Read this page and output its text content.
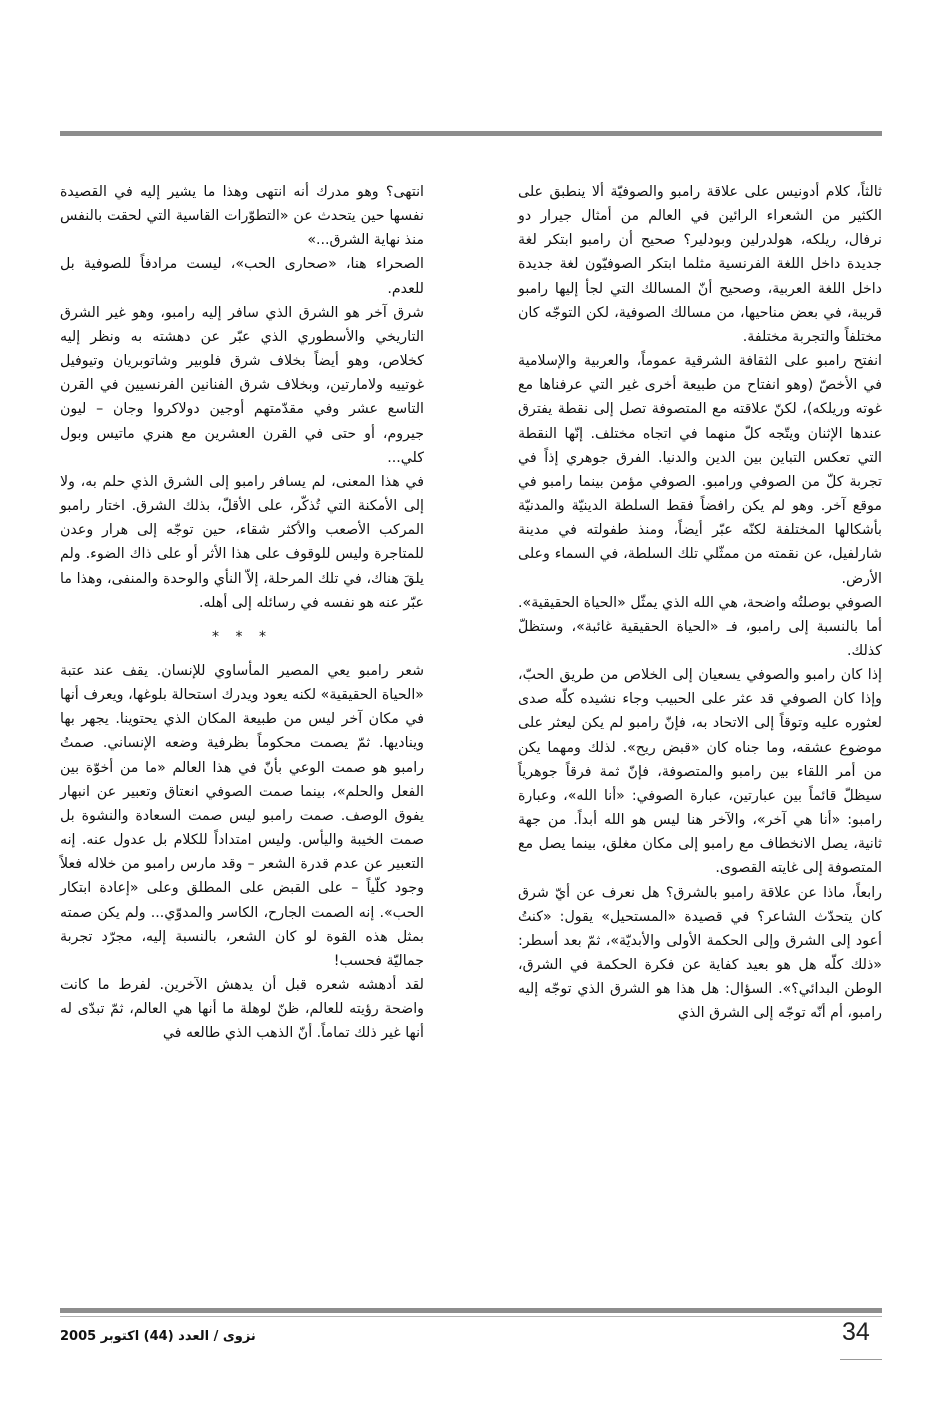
ثالثاً، كلام أدونيس على علاقة رامبو والصوفيّة ألا ينطبق على الكثير من الشعراء الرائين في العالم من أمثال جيرار دو نرفال، ريلكه، هولدرلين وبودلير؟ صحيح أن رامبو ابتكر لغة جديدة داخل اللغة الفرنسية مثلما ابتكر الصوفيّون لغة جديدة داخل اللغة العربية، وصحيح أنّ المسالك التي لجأ إليها رامبو قريبة، في بعض مناحيها، من مسالك الصوفية، لكن التوجّه كان مختلفاً والتجربة مختلفة.

انفتح رامبو على الثقافة الشرقية عموماً، والعربية والإسلامية في الأخصّ (وهو انفتاح من طبيعة أخرى غير التي عرفناها مع غوته وريلكه)، لكنّ علاقته مع المتصوفة تصل إلى نقطة يفترق عندها الإثنان ويتّجه كلّ منهما في اتجاه مختلف. إنّها النقطة التي تعكس التباين بين الدين والدنيا. الفرق جوهري إذاً في تجربة كلّ من الصوفي ورامبو. الصوفي مؤمن بينما رامبو في موقع آخر. وهو لم يكن رافضاً فقط السلطة الدينيّة والمدنيّة بأشكالها المختلفة لكنّه عبّر أيضاً، ومنذ طفولته في مدينة شارلفيل، عن نقمته من ممثّلي تلك السلطة، في السماء وعلى الأرض.

الصوفي بوصلتُه واضحة، هي الله الذي يمثّل «الحياة الحقيقية». أما بالنسبة إلى رامبو، فـ «الحياة الحقيقية غائبة»، وستظلّ كذلك.

إذا كان رامبو والصوفي يسعيان إلى الخلاص من طريق الحبّ، وإذا كان الصوفي قد عثر على الحبيب وجاء نشيده كلّه صدى لعثوره عليه وتوقاً إلى الاتحاد به، فإنّ رامبو لم يكن ليعثر على موضوع عشقه، وما جناه كان «قبض ريح». لذلك ومهما يكن من أمر اللقاء بين رامبو والمتصوفة، فإنّ ثمة فرقاً جوهرياً سيظلّ قائماً بين عبارتين، عبارة الصوفي: «أنا الله»، وعبارة رامبو: «أنا هي آخر»، والآخر هنا ليس هو الله أبداً. من جهة ثانية، يصل الانخطاف مع رامبو إلى مكان مغلق، بينما يصل مع المتصوفة إلى غايته القصوى.

رابعاً، ماذا عن علاقة رامبو بالشرق؟ هل نعرف عن أيّ شرق كان يتحدّث الشاعر؟ في قصيدة «المستحيل» يقول: «كنتُ أعود إلى الشرق وإلى الحكمة الأولى والأبديّة»، ثمّ بعد أسطر: «ذلك كلّه هل هو بعيد كفاية عن فكرة الحكمة في الشرق، الوطن البدائي؟». السؤال: هل هذا هو الشرق الذي توجّه إليه رامبو، أم أنّه توجّه إلى الشرق الذي

انتهى؟ وهو مدرك أنه انتهى وهذا ما يشير إليه في القصيدة نفسها حين يتحدث عن «التطوّرات القاسية التي لحقت بالنفس منذ نهاية الشرق...»

الصحراء هنا، «صحارى الحب»، ليست مرادفاً للصوفية بل للعدم.

شرق آخر هو الشرق الذي سافر إليه رامبو، وهو غير الشرق التاريخي والأسطوري الذي عبّر عن دهشته به ونظر إليه كخلاص، وهو أيضاً بخلاف شرق فلوبير وشاتوبريان وتيوفيل غوتييه ولامارتين، وبخلاف شرق الفنانين الفرنسيين في القرن التاسع عشر وفي مقدّمتهم أوجين دولاكروا وجان – ليون جيروم، أو حتى في القرن العشرين مع هنري ماتيس وبول كلي...

في هذا المعنى، لم يسافر رامبو إلى الشرق الذي حلم به، ولا إلى الأمكنة التي تُذكّر، على الأقلّ، بذلك الشرق. اختار رامبو المركب الأصعب والأكثر شقاء، حين توجّه إلى هرار وعدن للمتاجرة وليس للوقوف على هذا الأثر أو على ذاك الضوء. ولم يلقَ هناك، في تلك المرحلة، إلاّ النأي والوحدة والمنفى، وهذا ما عبّر عنه هو نفسه في رسائله إلى أهله.

* * *

شعر رامبو يعي المصير المأساوي للإنسان. يقف عند عتبة «الحياة الحقيقية» لكنه يعود ويدرك استحالة بلوغها، ويعرف أنها في مكان آخر ليس من طبيعة المكان الذي يحتوينا. يجهر بها ويناديها. ثمّ يصمت محكوماً بظرفية وضعه الإنساني. صمتُ رامبو هو صمت الوعي بأنّ في هذا العالم «ما من أخوّة بين الفعل والحلم»، بينما صمت الصوفي انعتاق وتعبير عن انبهار يفوق الوصف. صمت رامبو ليس صمت السعادة والنشوة بل صمت الخيبة واليأس. وليس امتداداً للكلام بل عدول عنه. إنه التعبير عن عدم قدرة الشعر – وقد مارس رامبو من خلاله فعلاً وجود كلّياً – على القبض على المطلق وعلى «إعادة ابتكار الحب». إنه الصمت الجارح، الكاسر والمدوّي... ولم يكن صمته بمثل هذه القوة لو كان الشعر، بالنسبة إليه، مجرّد تجربة جماليّة فحسب!

لقد أدهشه شعره قبل أن يدهش الآخرين. لفرط ما كانت واضحة رؤيته للعالم، ظنّ لوهلة ما أنها هي العالم، ثمّ تبدّى له أنها غير ذلك تماماً. أنّ الذهب الذي طالعه في

34
نزوى / العدد (44) اكتوبر 2005
